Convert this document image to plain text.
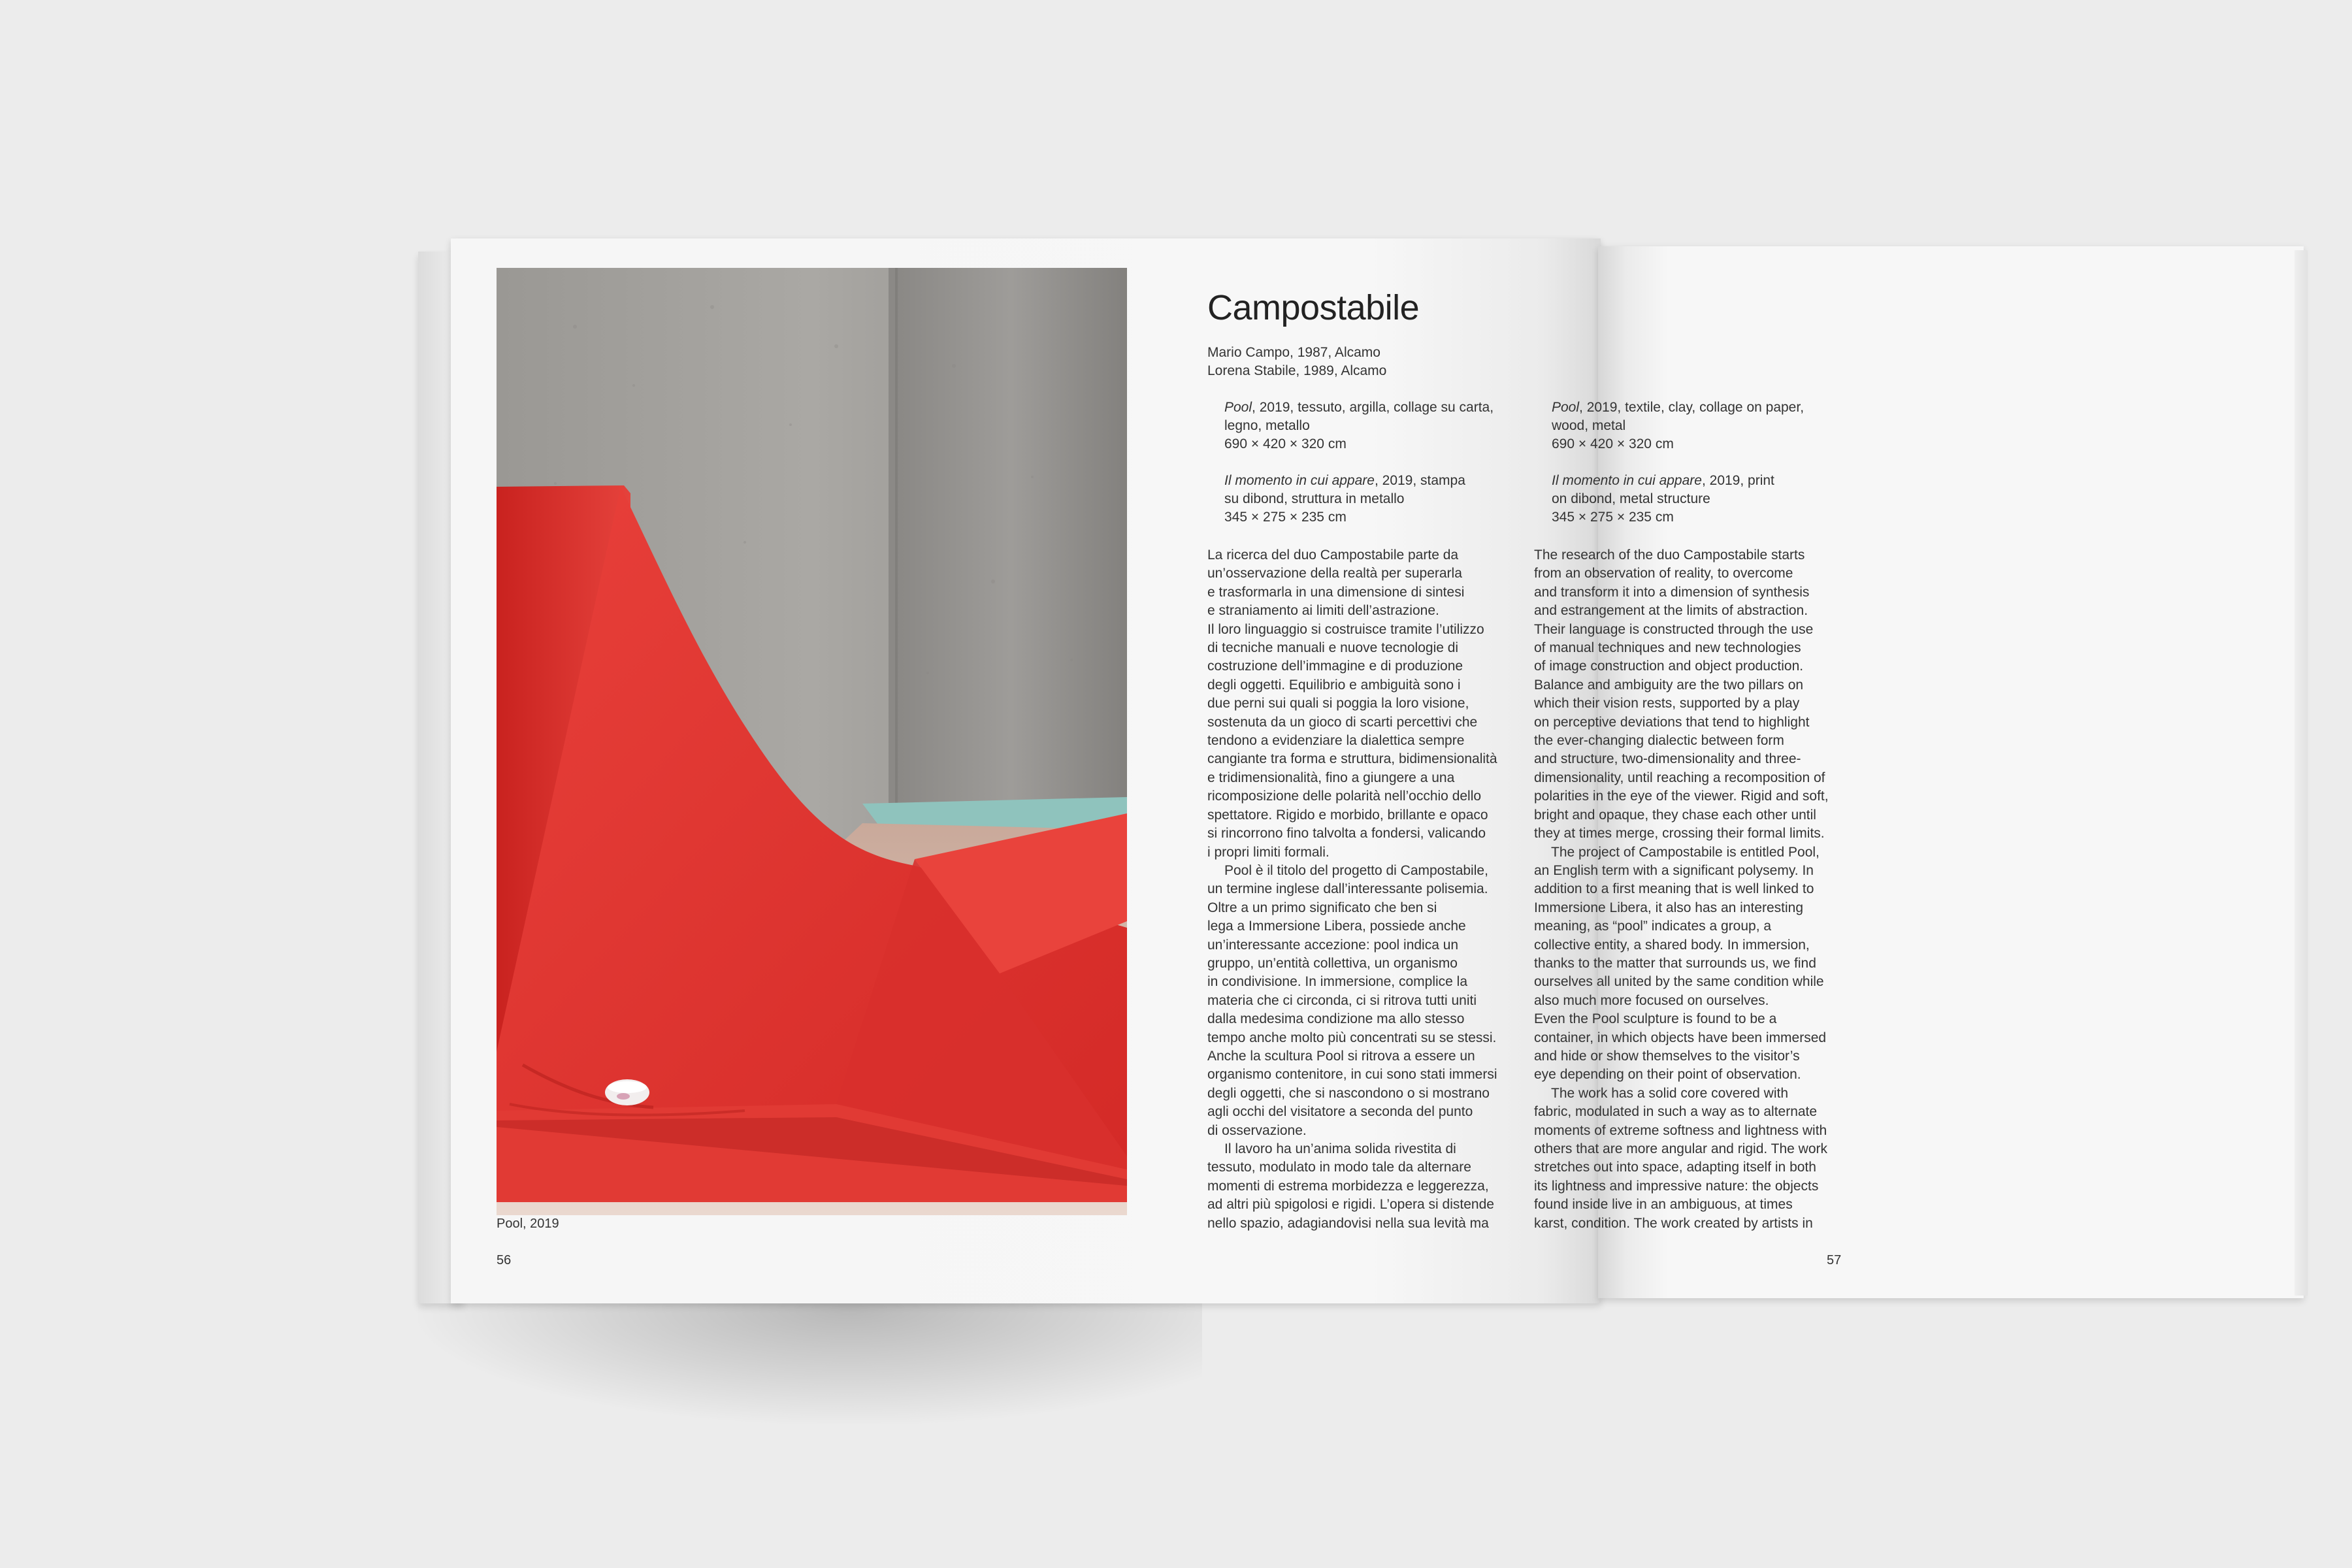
Pool, 2019
56	57
Campostabile
Mario Campo, 1987, Alcamo
Lorena Stabile, 1989, Alcamo

Pool, 2019, tessuto, argilla, collage su carta,
legno, metallo
690 × 420 × 320 cm

Il momento in cui appare, 2019, stampa
su dibond, struttura in metallo
345 × 275 × 235 cm

Pool, 2019, textile, clay, collage on paper,
wood, metal
690 × 420 × 320 cm

Il momento in cui appare, 2019, print
on dibond, metal structure
345 × 275 × 235 cm

La ricerca del duo Campostabile parte da
un’osservazione della realtà per superarla
e trasformarla in una dimensione di sintesi
e straniamento ai limiti dell’astrazione.
Il loro linguaggio si costruisce tramite l’utilizzo
di tecniche manuali e nuove tecnologie di
costruzione dell’immagine e di produzione
degli oggetti. Equilibrio e ambiguità sono i
due perni sui quali si poggia la loro visione,
sostenuta da un gioco di scarti percettivi che
tendono a evidenziare la dialettica sempre
cangiante tra forma e struttura, bidimensionalità
e tridimensionalità, fino a giungere a una
ricomposizione delle polarità nell’occhio dello
spettatore. Rigido e morbido, brillante e opaco
si rincorrono fino talvolta a fondersi, valicando
i propri limiti formali.
Pool è il titolo del progetto di Campostabile,
un termine inglese dall’interessante polisemia.
Oltre a un primo significato che ben si
lega a Immersione Libera, possiede anche
un’interessante accezione: pool indica un
gruppo, un’entità collettiva, un organismo
in condivisione. In immersione, complice la
materia che ci circonda, ci si ritrova tutti uniti
dalla medesima condizione ma allo stesso
tempo anche molto più concentrati su se stessi.
Anche la scultura Pool si ritrova a essere un
organismo contenitore, in cui sono stati immersi
degli oggetti, che si nascondono o si mostrano
agli occhi del visitatore a seconda del punto
di osservazione.
Il lavoro ha un’anima solida rivestita di
tessuto, modulato in modo tale da alternare
momenti di estrema morbidezza e leggerezza,
ad altri più spigolosi e rigidi. L’opera si distende
nello spazio, adagiandovisi nella sua levità ma
The research of the duo Campostabile starts
from an observation of reality, to overcome
and transform it into a dimension of synthesis
and estrangement at the limits of abstraction.
Their language is constructed through the use
of manual techniques and new technologies
of image construction and object production.
Balance and ambiguity are the two pillars on
which their vision rests, supported by a play
on perceptive deviations that tend to highlight
the ever-changing dialectic between form
and structure, two-dimensionality and three-
dimensionality, until reaching a recomposition of
polarities in the eye of the viewer. Rigid and soft,
bright and opaque, they chase each other until
they at times merge, crossing their formal limits.
The project of Campostabile is entitled Pool,
an English term with a significant polysemy. In
addition to a first meaning that is well linked to
Immersione Libera, it also has an interesting
meaning, as “pool” indicates a group, a
collective entity, a shared body. In immersion,
thanks to the matter that surrounds us, we find
ourselves all united by the same condition while
also much more focused on ourselves.
Even the Pool sculpture is found to be a
container, in which objects have been immersed
and hide or show themselves to the visitor’s
eye depending on their point of observation.
The work has a solid core covered with
fabric, modulated in such a way as to alternate
moments of extreme softness and lightness with
others that are more angular and rigid. The work
stretches out into space, adapting itself in both
its lightness and impressive nature: the objects
found inside live in an ambiguous, at times
karst, condition. The work created by artists in
